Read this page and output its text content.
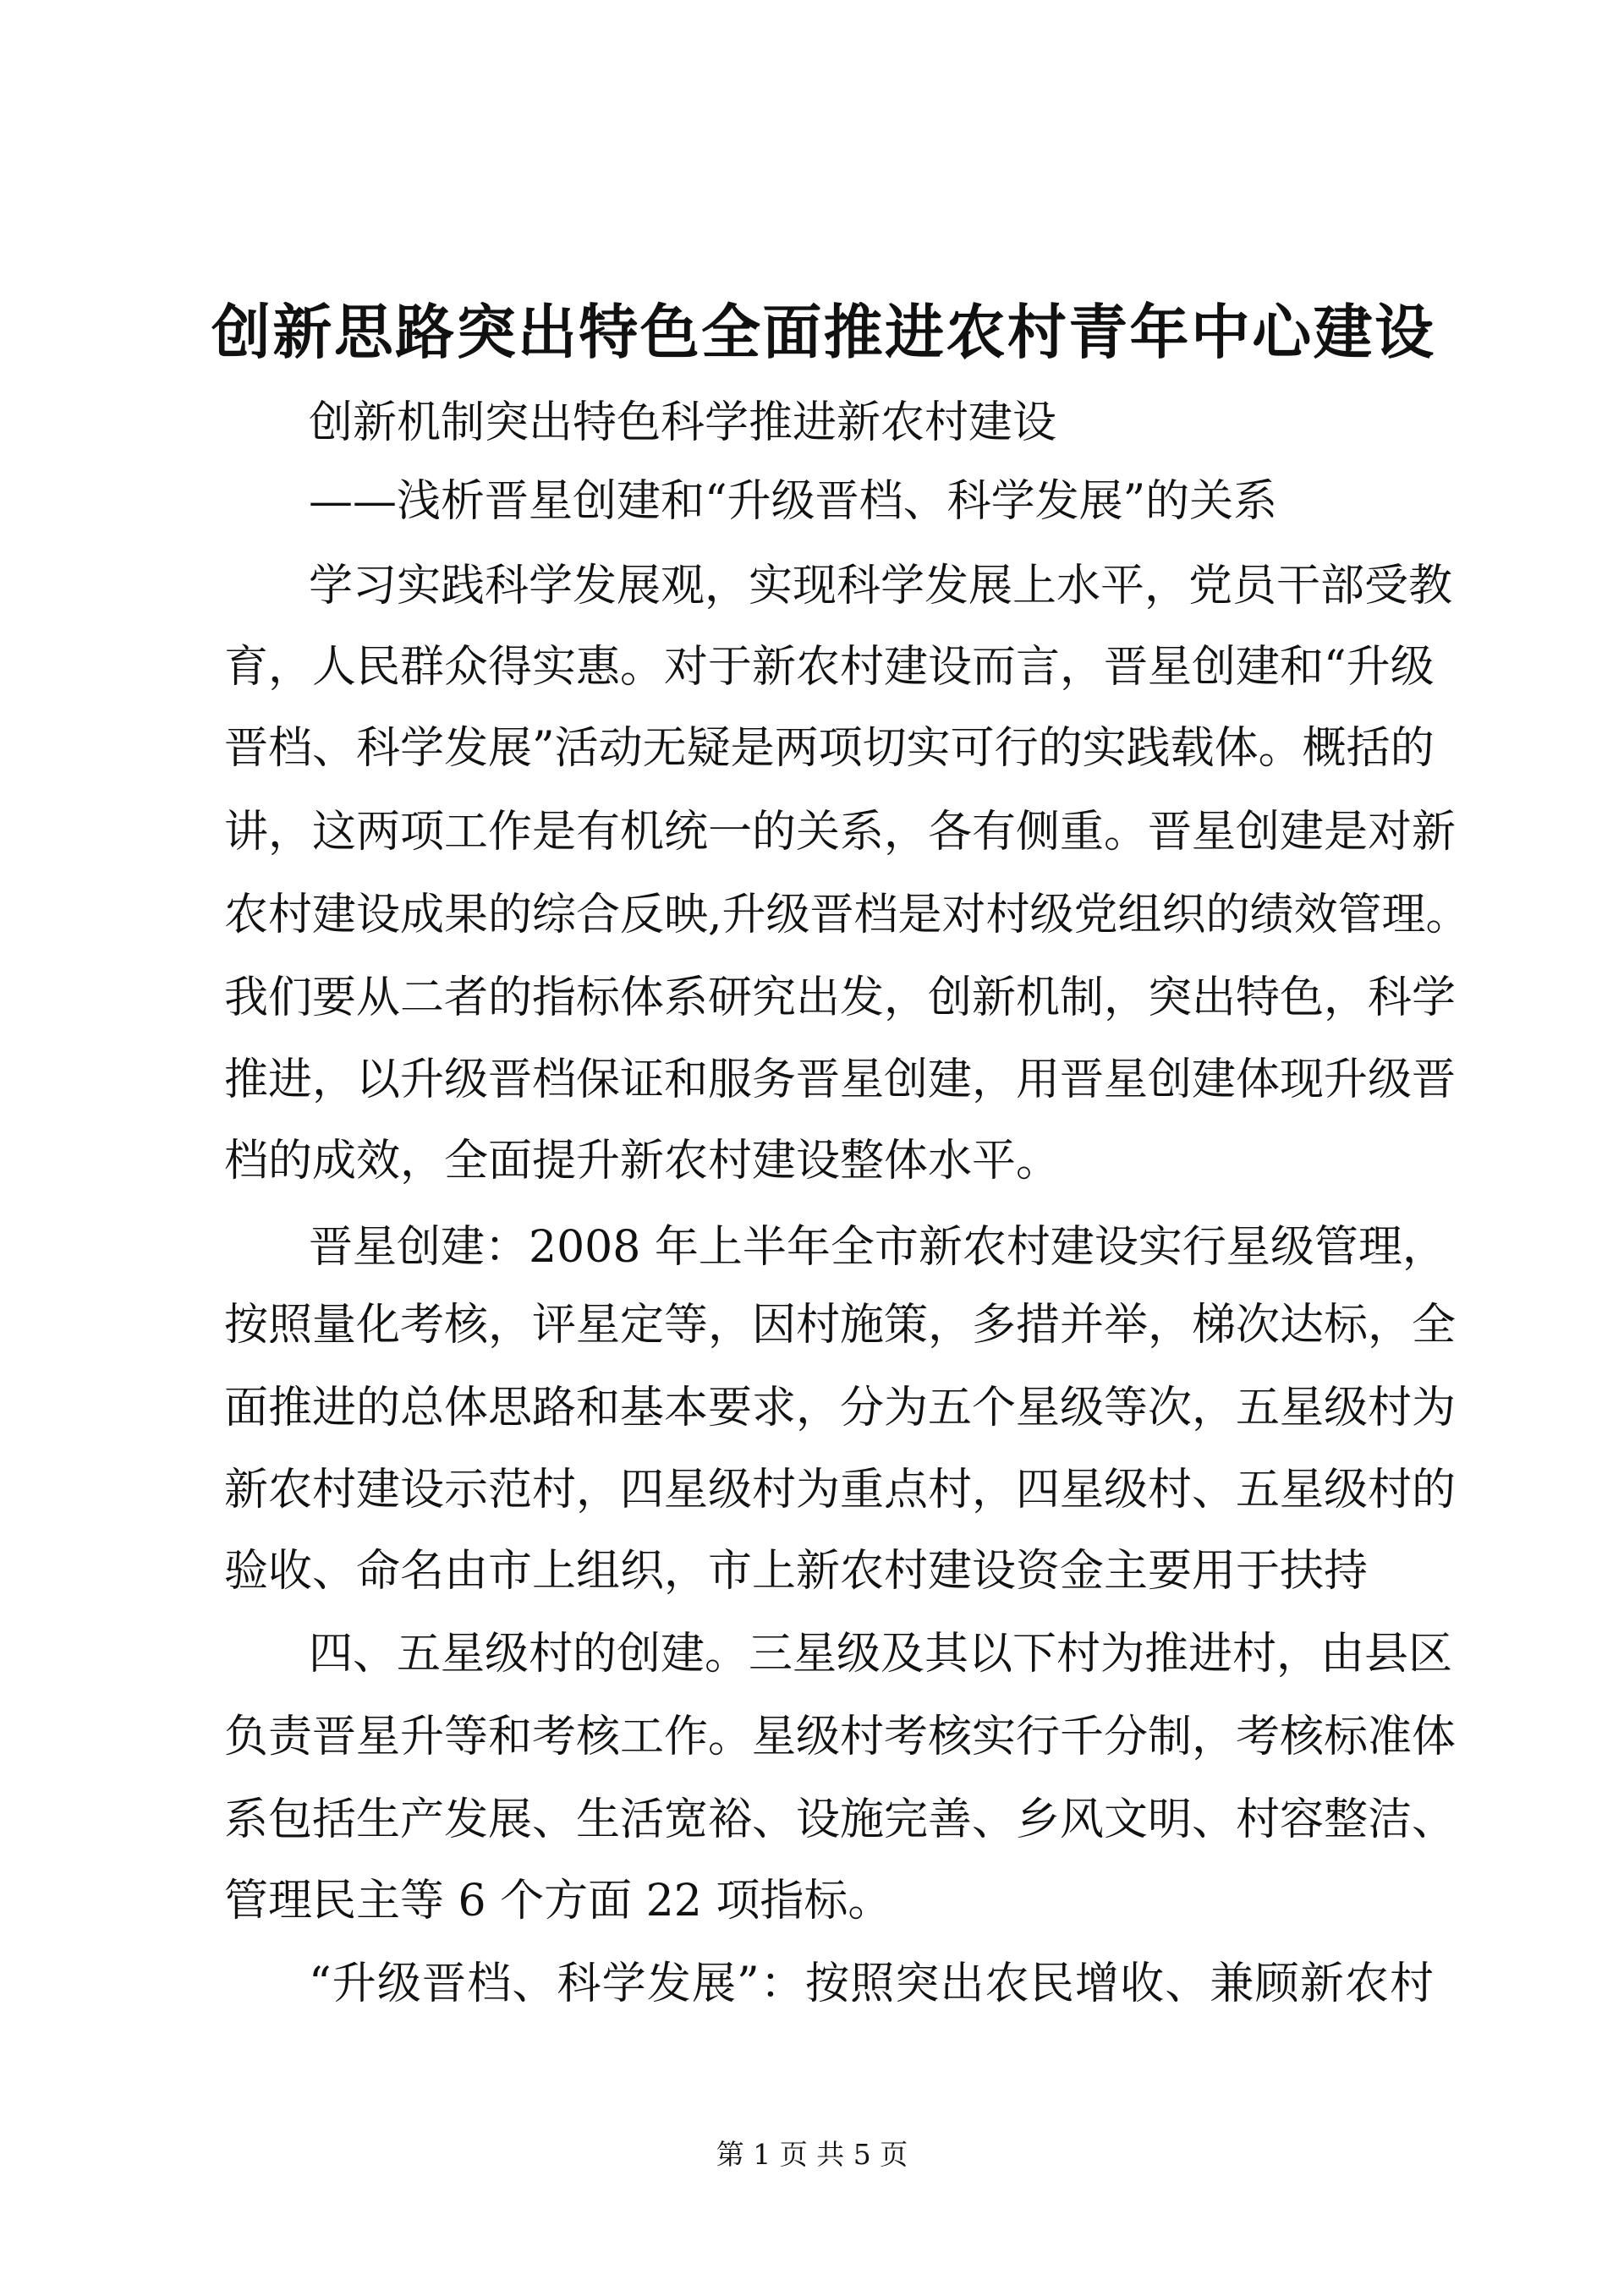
创新思路突出特色全面推进农村青年中心建设
创新机制突出特色科学推进新农村建设
——浅析晋星创建和“升级晋档、科学发展”的关系
学习实践科学发展观，实现科学发展上水平，党员干部受教
育，人民群众得实惠。对于新农村建设而言，晋星创建和“升级
晋档、科学发展”活动无疑是两项切实可行的实践载体。概括的
讲，这两项工作是有机统一的关系，各有侧重。晋星创建是对新
农村建设成果的综合反映,升级晋档是对村级党组织的绩效管理。
我们要从二者的指标体系研究出发，创新机制，突出特色，科学
推进，以升级晋档保证和服务晋星创建，用晋星创建体现升级晋
档的成效，全面提升新农村建设整体水平。
晋星创建：2008 年上半年全市新农村建设实行星级管理，
按照量化考核，评星定等，因村施策，多措并举，梯次达标，全
面推进的总体思路和基本要求，分为五个星级等次，五星级村为
新农村建设示范村，四星级村为重点村，四星级村、五星级村的
验收、命名由市上组织，市上新农村建设资金主要用于扶持
四、五星级村的创建。三星级及其以下村为推进村，由县区
负责晋星升等和考核工作。星级村考核实行千分制，考核标准体
系包括生产发展、生活宽裕、设施完善、乡风文明、村容整洁、
管理民主等 6 个方面 22 项指标。
“升级晋档、科学发展”：按照突出农民增收、兼顾新农村
第 1 页 共 5 页
